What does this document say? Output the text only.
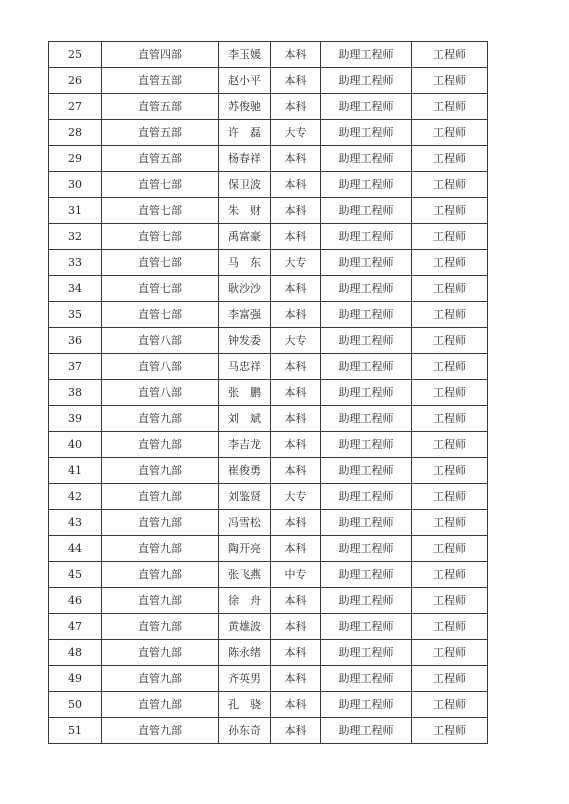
25	直管四部	李玉媛	本科	助理工程师	工程师
26	直管五部	赵小平	本科	助理工程师	工程师
27	直管五部	苏俊驰	本科	助理工程师	工程师
28	直管五部	许　磊	大专	助理工程师	工程师
29	直管五部	杨春祥	本科	助理工程师	工程师
30	直管七部	保卫波	本科	助理工程师	工程师
31	直管七部	朱　财	本科	助理工程师	工程师
32	直管七部	禹富豪	本科	助理工程师	工程师
33	直管七部	马　东	大专	助理工程师	工程师
34	直管七部	耿沙沙	本科	助理工程师	工程师
35	直管七部	李富强	本科	助理工程师	工程师
36	直管八部	钟发委	大专	助理工程师	工程师
37	直管八部	马忠祥	本科	助理工程师	工程师
38	直管八部	张　鹏	本科	助理工程师	工程师
39	直管九部	刘　斌	本科	助理工程师	工程师
40	直管九部	李吉龙	本科	助理工程师	工程师
41	直管九部	崔俊勇	本科	助理工程师	工程师
42	直管九部	刘鉴贤	大专	助理工程师	工程师
43	直管九部	冯雪松	本科	助理工程师	工程师
44	直管九部	陶开亮	本科	助理工程师	工程师
45	直管九部	张飞燕	中专	助理工程师	工程师
46	直管九部	徐　舟	本科	助理工程师	工程师
47	直管九部	黄雄波	本科	助理工程师	工程师
48	直管九部	陈永绪	本科	助理工程师	工程师
49	直管九部	齐英男	本科	助理工程师	工程师
50	直管九部	孔　骁	本科	助理工程师	工程师
51	直管九部	孙东奇	本科	助理工程师	工程师
